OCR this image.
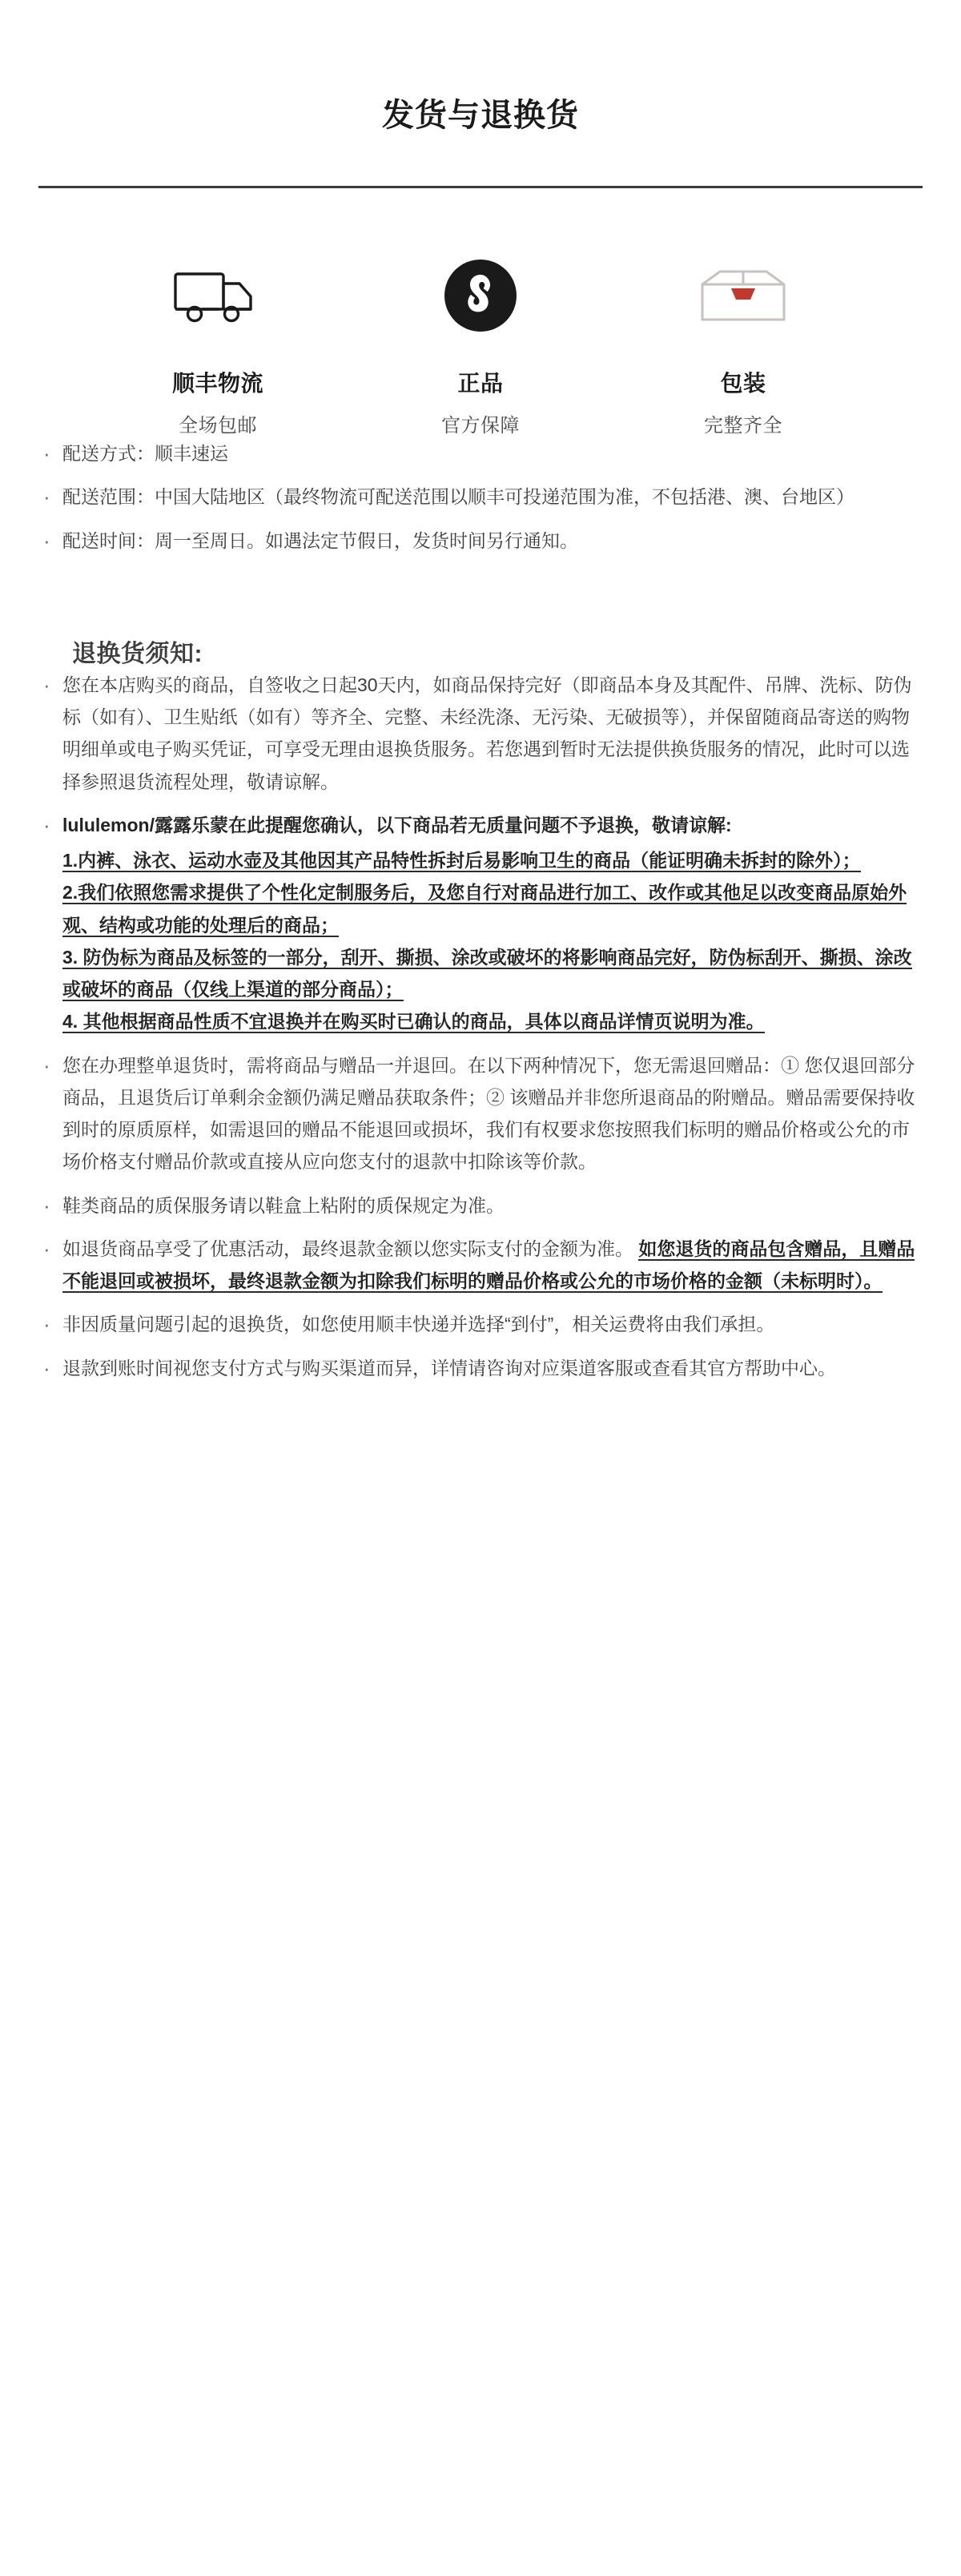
发货与退换货
顺丰物流
全场包邮
正品
官方保障
包装
完整齐全
· 配送方式：顺丰速运
· 配送范围：中国大陆地区（最终物流可配送范围以顺丰可投递范围为准，不包括港、澳、台地区）
· 配送时间：周一至周日。如遇法定节假日，发货时间另行通知。
退换货须知:
· 您在本店购买的商品，自签收之日起30天内，如商品保持完好（即商品本身及其配件、吊牌、洗标、防伪标（如有）、卫生贴纸（如有）等齐全、完整、未经洗涤、无污染、无破损等），并保留随商品寄送的购物明细单或电子购买凭证，可享受无理由退换货服务。若您遇到暂时无法提供换货服务的情况，此时可以选择参照退货流程处理，敬请谅解。
· lululemon/露露乐蒙在此提醒您确认，以下商品若无质量问题不予退换，敬请谅解:
1.内裤、泳衣、运动水壶及其他因其产品特性拆封后易影响卫生的商品（能证明确未拆封的除外）；
2.我们依照您需求提供了个性化定制服务后，及您自行对商品进行加工、改作或其他足以改变商品原始外观、结构或功能的处理后的商品；
3. 防伪标为商品及标签的一部分，刮开、撕损、涂改或破坏的将影响商品完好，防伪标刮开、撕损、涂改或破坏的商品（仅线上渠道的部分商品）；
4. 其他根据商品性质不宜退换并在购买时已确认的商品，具体以商品详情页说明为准。
· 您在办理整单退货时，需将商品与赠品一并退回。在以下两种情况下，您无需退回赠品：① 您仅退回部分商品，且退货后订单剩余金额仍满足赠品获取条件；② 该赠品并非您所退商品的附赠品。赠品需要保持收到时的原质原样，如需退回的赠品不能退回或损坏，我们有权要求您按照我们标明的赠品价格或公允的市场价格支付赠品价款或直接从应向您支付的退款中扣除该等价款。
· 鞋类商品的质保服务请以鞋盒上粘附的质保规定为准。
· 如退货商品享受了优惠活动，最终退款金额以您实际支付的金额为准。 如您退货的商品包含赠品，且赠品不能退回或被损坏，最终退款金额为扣除我们标明的赠品价格或公允的市场价格的金额（未标明时）。
· 非因质量问题引起的退换货，如您使用顺丰快递并选择“到付”，相关运费将由我们承担。
· 退款到账时间视您支付方式与购买渠道而异，详情请咨询对应渠道客服或查看其官方帮助中心。
